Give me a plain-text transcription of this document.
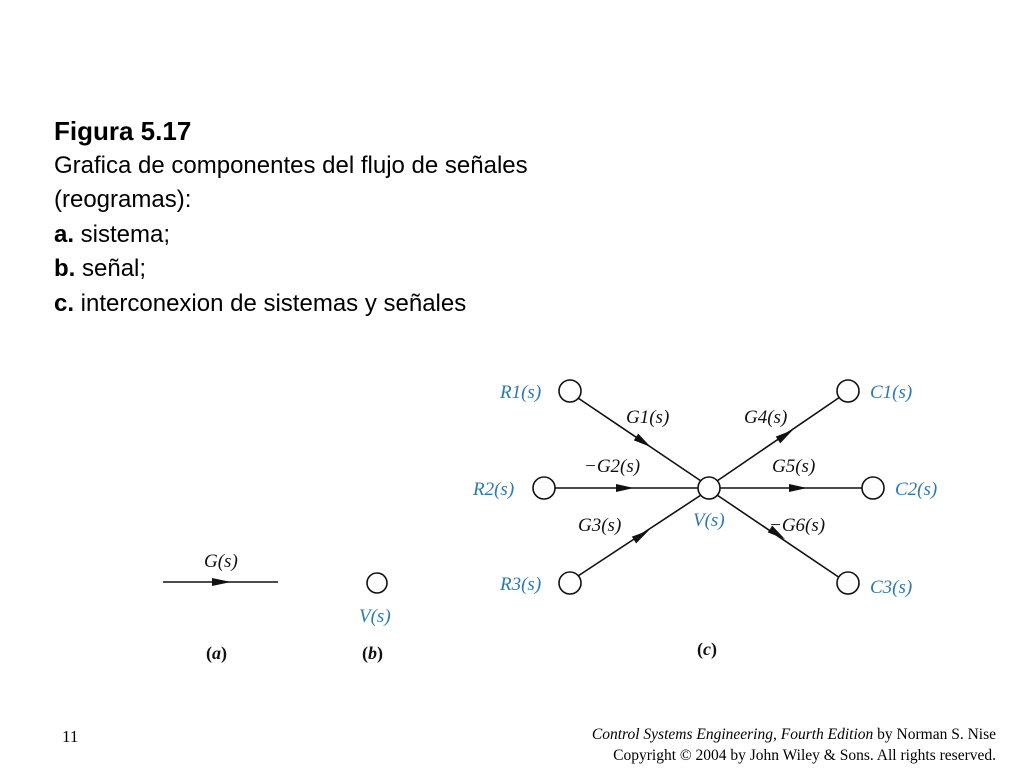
Figura 5.17
Grafica de componentes del flujo de señales
(reogramas):
a. sistema;
b. señal;
c. interconexion de sistemas y señales
G(s)
(a)
V(s)
(b)
R1(s)
R2(s)
R3(s)
C1(s)
C2(s)
C3(s)
V(s)
G1(s)
−G2(s)
G3(s)
G4(s)
G5(s)
−G6(s)
(c)
11	Control Systems Engineering, Fourth Edition by Norman S. Nise
Copyright © 2004 by John Wiley & Sons. All rights reserved.
